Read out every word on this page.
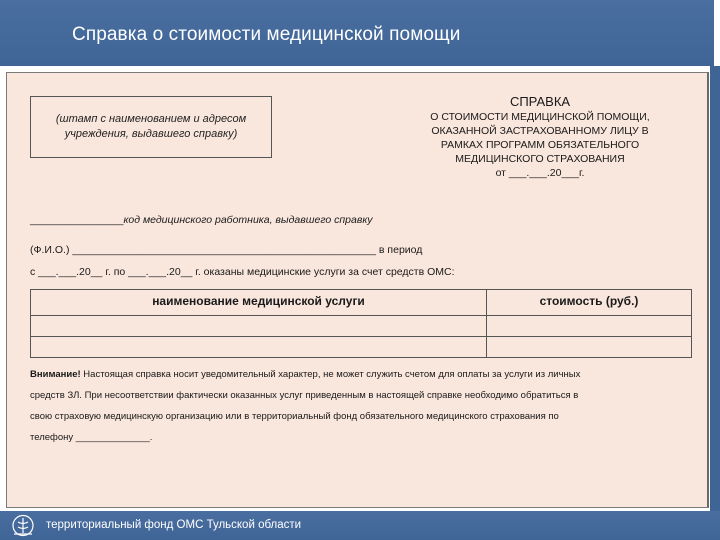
Справка о стоимости медицинской помощи
(штамп с наименованием и адресом учреждения, выдавшего справку)
СПРАВКА
О СТОИМОСТИ МЕДИЦИНСКОЙ ПОМОЩИ,
ОКАЗАННОЙ ЗАСТРАХОВАННОМУ ЛИЦУ В
РАМКАХ ПРОГРАММ ОБЯЗАТЕЛЬНОГО
МЕДИЦИНСКОГО СТРАХОВАНИЯ
от ___.___.20___г.
________________код медицинского работника, выдавшего справку
(Ф.И.О.) ____________________________________________________ в период
с ___.___.20__ г. по ___.___.20__ г. оказаны медицинские услуги за счет средств ОМС:
наименование медицинской услуги	стоимость (руб.)

Внимание! Настоящая справка носит уведомительный характер, не может служить счетом для оплаты за услуги из личных
средств ЗЛ. При несоответствии фактически оказанных услуг приведенным в настоящей справке необходимо обратиться в
свою страховую медицинскую организацию или в территориальный фонд обязательного медицинского страхования по
телефону ______________.
территориальный фонд ОМС Тульской области
